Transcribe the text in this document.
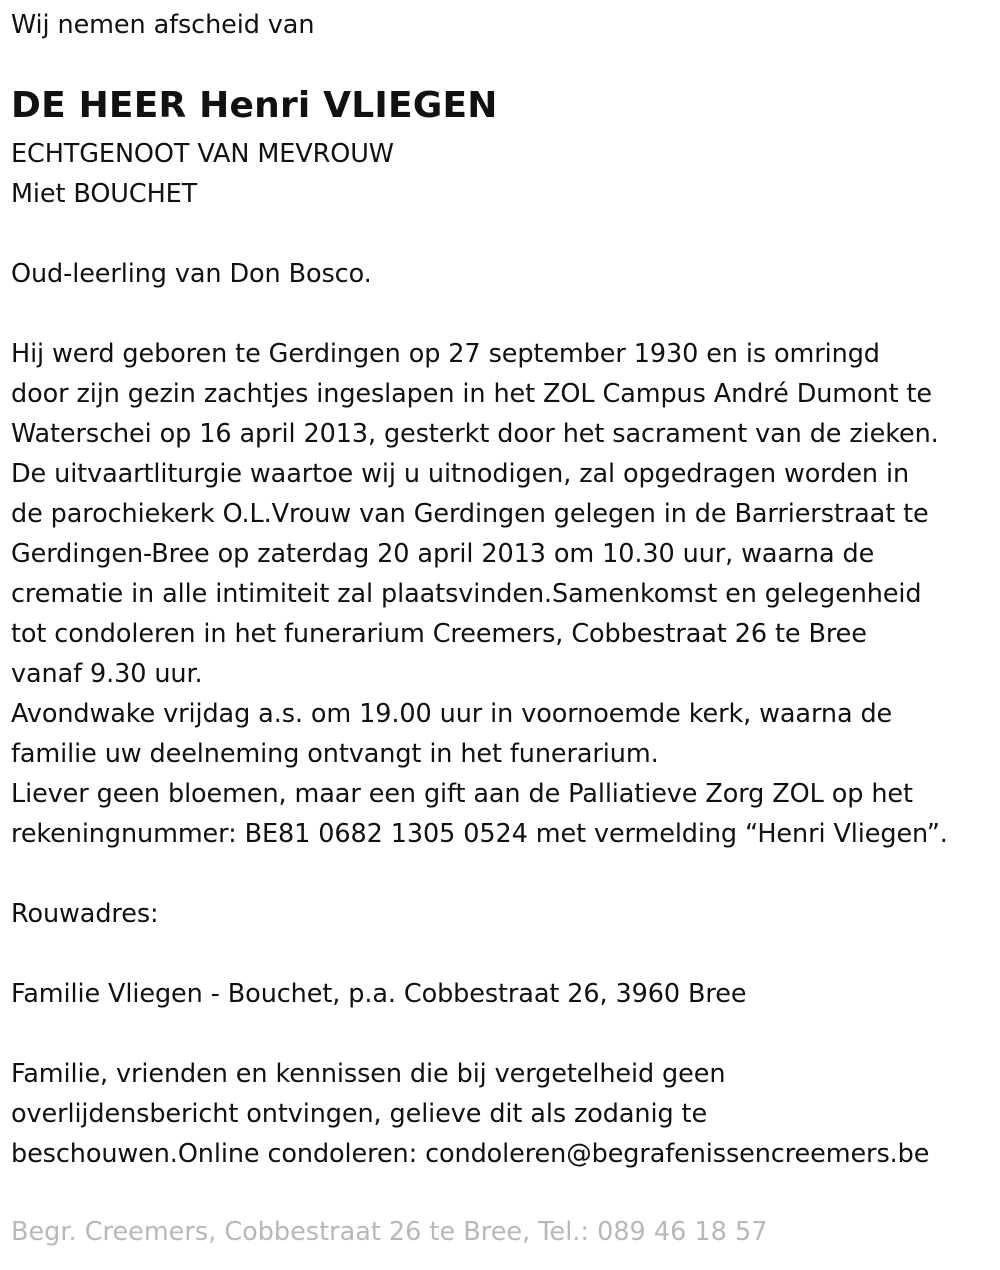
Wij nemen afscheid van
DE HEER Henri VLIEGEN
ECHTGENOOT VAN MEVROUW
Miet BOUCHET
Oud-leerling van Don Bosco.
Hij werd geboren te Gerdingen op 27 september 1930 en is omringd
door zijn gezin zachtjes ingeslapen in het ZOL Campus André Dumont te
Waterschei op 16 april 2013, gesterkt door het sacrament van de zieken.
De uitvaartliturgie waartoe wij u uitnodigen, zal opgedragen worden in
de parochiekerk O.L.Vrouw van Gerdingen gelegen in de Barrierstraat te
Gerdingen-Bree op zaterdag 20 april 2013 om 10.30 uur, waarna de
crematie in alle intimiteit zal plaatsvinden.Samenkomst en gelegenheid
tot condoleren in het funerarium Creemers, Cobbestraat 26 te Bree
vanaf 9.30 uur.
Avondwake vrijdag a.s. om 19.00 uur in voornoemde kerk, waarna de
familie uw deelneming ontvangt in het funerarium.
Liever geen bloemen, maar een gift aan de Palliatieve Zorg ZOL op het
rekeningnummer: BE81 0682 1305 0524 met vermelding “Henri Vliegen”.
Rouwadres:
Familie Vliegen - Bouchet, p.a. Cobbestraat 26, 3960 Bree
Familie, vrienden en kennissen die bij vergetelheid geen
overlijdensbericht ontvingen, gelieve dit als zodanig te
beschouwen.Online condoleren: condoleren@begrafenissencreemers.be
Begr. Creemers, Cobbestraat 26 te Bree, Tel.: 089 46 18 57
